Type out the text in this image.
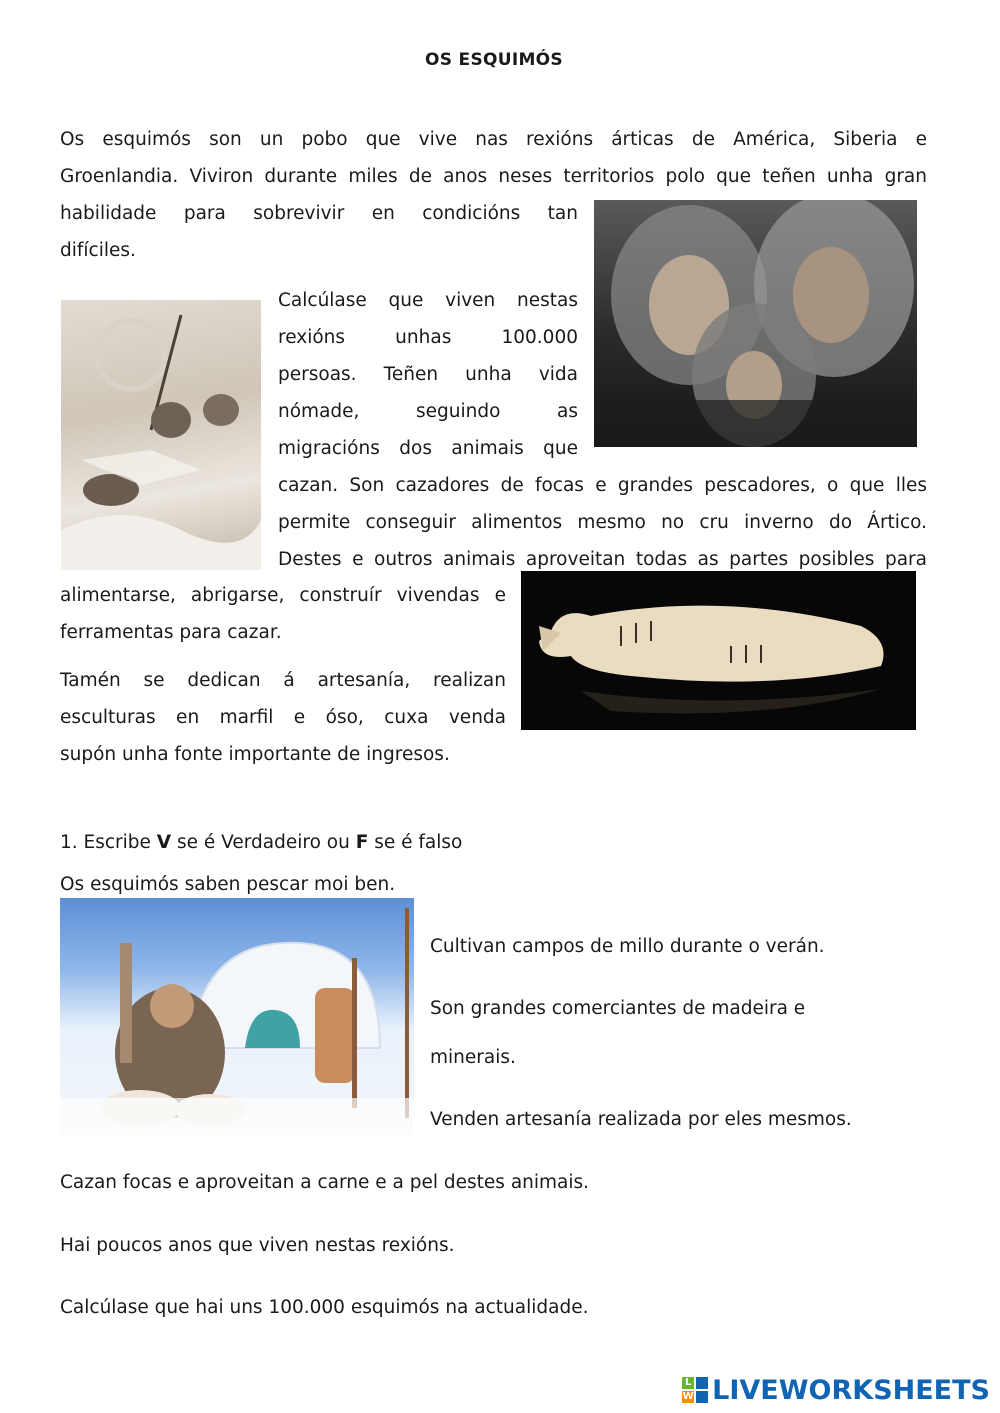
OS ESQUIMÓS
Os esquimós son un pobo que vive nas rexións árticas de América, Siberia e
Groenlandia. Viviron durante miles de anos neses territorios polo que teñen unha gran
habilidade para sobrevivir en condicións tan
difíciles.
Calcúlase que viven nestas
rexións unhas 100.000
persoas. Teñen unha vida
nómade, seguindo as
migracións dos animais que
cazan. Son cazadores de focas e grandes pescadores, o que lles
permite conseguir alimentos mesmo no cru inverno do Ártico.
Destes e outros animais aproveitan todas as partes posibles para
alimentarse, abrigarse, construír vivendas e
ferramentas para cazar.
Tamén se dedican á artesanía, realizan
esculturas en marfil e óso, cuxa venda
supón unha fonte importante de ingresos.
1. Escribe V se é Verdadeiro ou F se é falso
Os esquimós saben pescar moi ben.
Cultivan campos de millo durante o verán.
Son grandes comerciantes de madeira e
minerais.
Venden artesanía realizada por eles mesmos.
Cazan focas e aproveitan a carne e a pel destes animais.
Hai poucos anos que viven nestas rexións.
Calcúlase que hai uns 100.000 esquimós na actualidade.
L
W LIVEWORKSHEETS
